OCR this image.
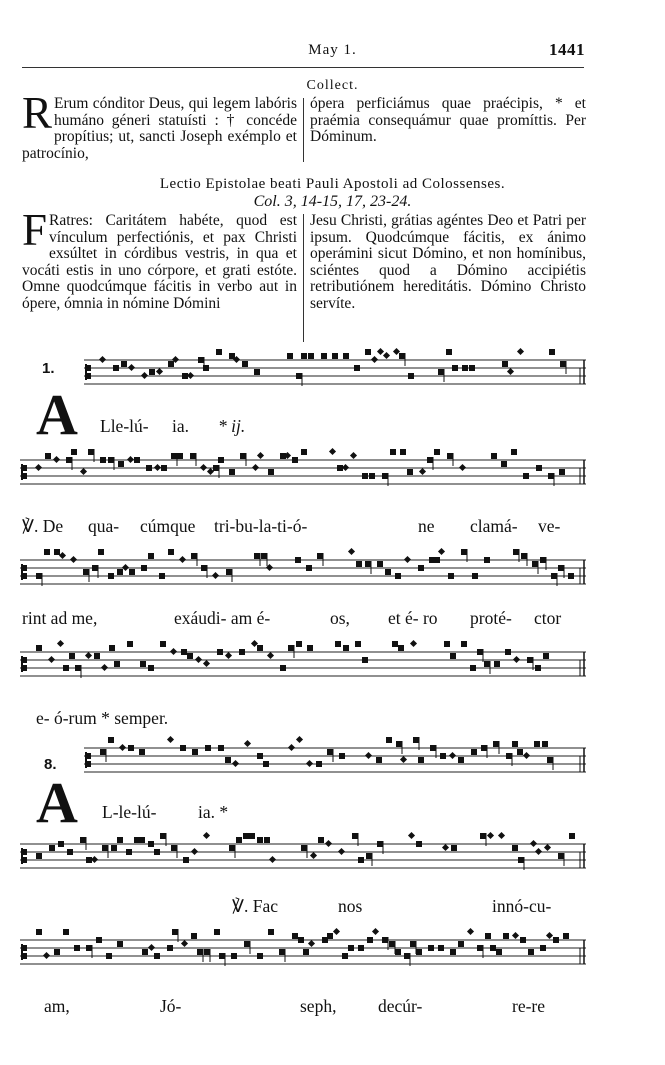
May 1.	1441
Collect.
R Erum cónditor Deus, qui legem labóris humáno géneri statuísti : † concéde propítius; ut, sancti Joseph exémplo et patrocínio,
ópera perficiámus quae praécipis, * et praémia consequámur quae promíttis. Per Dóminum.
Lectio Epistolae beati Pauli Apostoli ad Colossenses.
Col. 3, 14-15, 17, 23-24.
F Ratres: Caritátem habéte, quod est vínculum perfectiónis, et pax Christi exsúltet in córdibus vestris, in qua et vocáti estis in uno córpore, et grati estóte. Omne quodcúmque fácitis in verbo aut in ópere, ómnia in nómine Dómini
Jesu Christi, grátias agéntes Deo et Patri per ipsum. Quodcúmque fácitis, ex ánimo operámini sicut Dómino, et non homínibus, sciéntes quod a Dómino accipiétis retributiónem hereditátis. Dómino Christo servíte.
1.
A Lle-lú- ia. * ij.
℣. De qua- cúmque tri-bu-la-ti-ó-	ne clamá- ve-
rint ad me,	exáudi- am é-	os, et é- ro proté- ctor
e- ó-rum * semper.
8.
A L-le-lú- ia. *
℣. Fac	nos	innó-cu-
am,	Jó-	seph, decúr-	re-re
